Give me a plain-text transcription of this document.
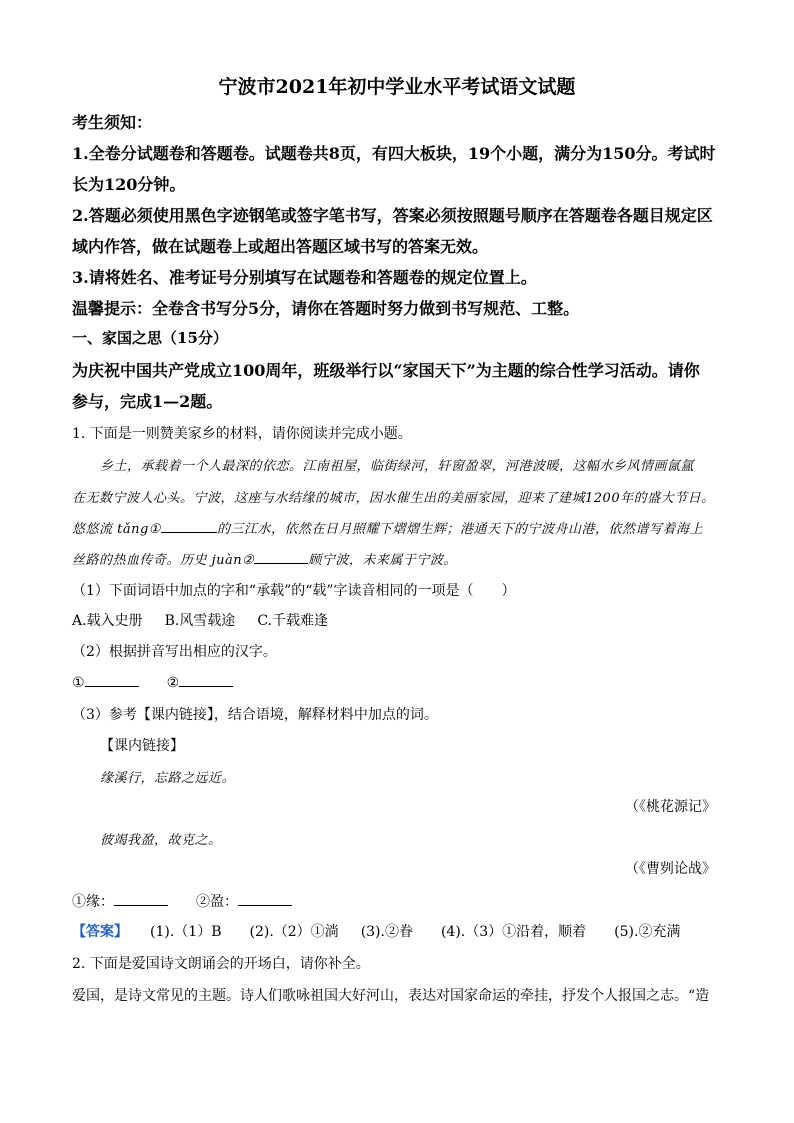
宁波市2021年初中学业水平考试语文试题
考生须知：
1.全卷分试题卷和答题卷。试题卷共8页，有四大板块，19个小题，满分为150分。考试时
长为120分钟。
2.答题必须使用黑色字迹钢笔或签字笔书写，答案必须按照题号顺序在答题卷各题目规定区
域内作答，做在试题卷上或超出答题区域书写的答案无效。
3.请将姓名、准考证号分别填写在试题卷和答题卷的规定位置上。
温馨提示：全卷含书写分5分，请你在答题时努力做到书写规范、工整。
一、家国之思（15分）
为庆祝中国共产党成立100周年，班级举行以“家国天下”为主题的综合性学习活动。请你
参与，完成1—2题。
1. 下面是一则赞美家乡的材料，请你阅读并完成小题。
乡土，承载着一个人最深的依恋。江南祖屋，临街绿河，轩窗盈翠，河港波暖，这幅水乡风情画氤氲
在无数宁波人心头。宁波，这座与水结缘的城市，因水催生出的美丽家园，迎来了建城1200年的盛大节日。
悠悠流 tǎng①	的三江水，依然在日月照耀下熠熠生辉；港通天下的宁波舟山港，依然谱写着海上
丝路的热血传奇。历史 juàn②	顾宁波，未来属于宁波。
（1）下面词语中加点的字和“承载”的“载”字读音相同的一项是（　　）
A.载入史册 B.风雪载途 C.千载难逢
（2）根据拼音写出相应的汉字。
①	②
（3）参考【课内链接】，结合语境，解释材料中加点的词。
【课内链接】
缘溪行，忘路之远近。
（《桃花源记》
彼竭我盈，故克之。
（《曹刿论战》
①缘：	②盈：
【答案】 (1).（1）B (2).（2）①淌 (3).②眷 (4).（3）①沿着，顺着 (5).②充满
2. 下面是爱国诗文朗诵会的开场白，请你补全。
爱国，是诗文常见的主题。诗人们歌咏祖国大好河山，表达对国家命运的牵挂，抒发个人报国之志。“造
